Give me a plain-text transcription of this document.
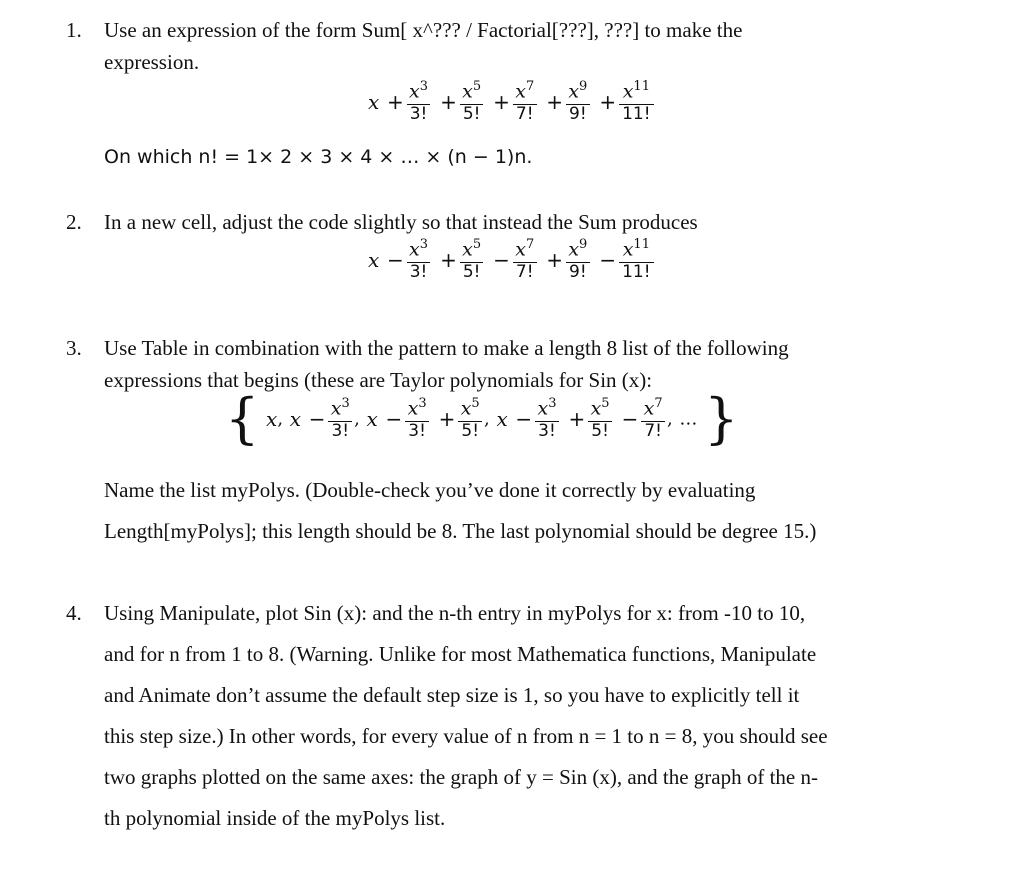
1. Use an expression of the form Sum[ x^??? / Factorial[???], ???] to make the
expression.
$x + \frac{x^3}{3!} + \frac{x^5}{5!} + \frac{x^7}{7!} + \frac{x^9}{9!} + \frac{x^{11}}{11!}$
On which n! = 1× 2 × 3 × 4 × … × (n − 1)n.
2. In a new cell, adjust the code slightly so that instead the Sum produces
$x - \frac{x^3}{3!} + \frac{x^5}{5!} - \frac{x^7}{7!} + \frac{x^9}{9!} - \frac{x^{11}}{11!}$
3. Use Table in combination with the pattern to make a length 8 list of the following
expressions that begins (these are Taylor polynomials for Sin (x):
{ x, $x - \frac{x^3}{3!}$ , $x - \frac{x^3}{3!} + \frac{x^5}{5!}$ , $x - \frac{x^3}{3!} + \frac{x^5}{5!} - \frac{x^7}{7!}$ , … }
Name the list myPolys. (Double-check you’ve done it correctly by evaluating
Length[myPolys]; this length should be 8. The last polynomial should be degree 15.)
4. Using Manipulate, plot Sin (x): and the n-th entry in myPolys for x: from -10 to 10,
and for n from 1 to 8. (Warning. Unlike for most Mathematica functions, Manipulate
and Animate don’t assume the default step size is 1, so you have to explicitly tell it
this step size.) In other words, for every value of n from n = 1 to n = 8, you should see
two graphs plotted on the same axes: the graph of y = Sin (x), and the graph of the n-
th polynomial inside of the myPolys list.
